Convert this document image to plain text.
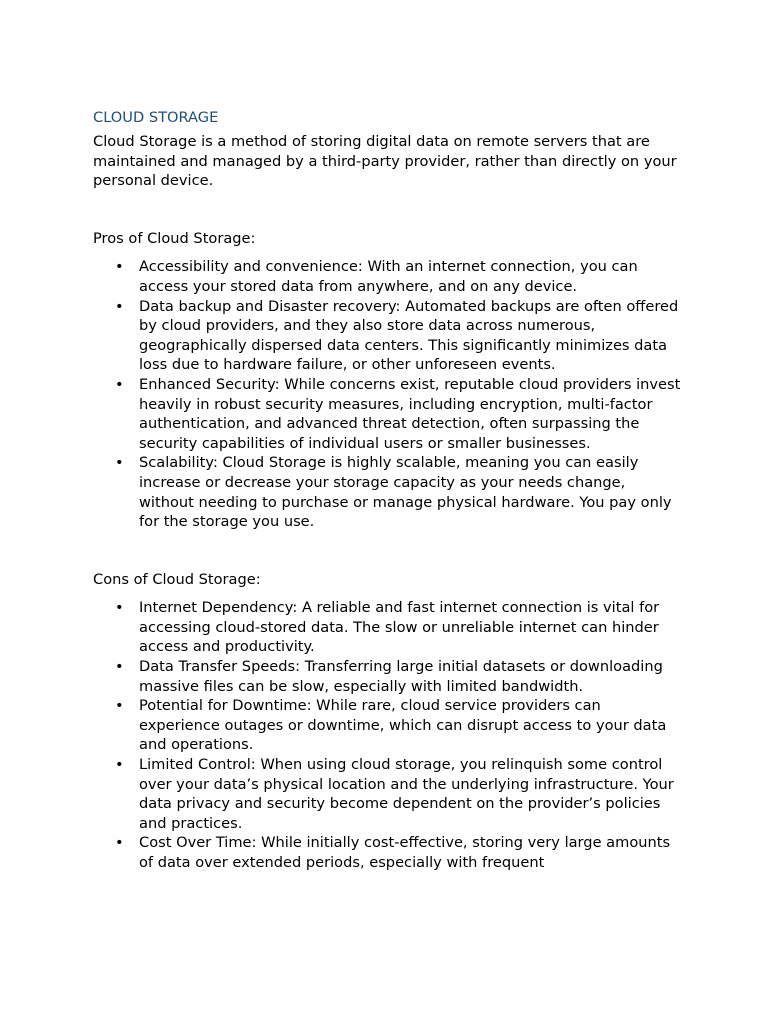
CLOUD STORAGE

Cloud Storage is a method of storing digital data on remote servers that are maintained and managed by a third-party provider, rather than directly on your personal device.

Pros of Cloud Storage:

• Accessibility and convenience: With an internet connection, you can access your stored data from anywhere, and on any device.
• Data backup and Disaster recovery: Automated backups are often offered by cloud providers, and they also store data across numerous, geographically dispersed data centers. This significantly minimizes data loss due to hardware failure, or other unforeseen events.
• Enhanced Security: While concerns exist, reputable cloud providers invest heavily in robust security measures, including encryption, multi-factor authentication, and advanced threat detection, often surpassing the security capabilities of individual users or smaller businesses.
• Scalability: Cloud Storage is highly scalable, meaning you can easily increase or decrease your storage capacity as your needs change, without needing to purchase or manage physical hardware. You pay only for the storage you use.

Cons of Cloud Storage:

• Internet Dependency: A reliable and fast internet connection is vital for accessing cloud-stored data. The slow or unreliable internet can hinder access and productivity.
• Data Transfer Speeds: Transferring large initial datasets or downloading massive files can be slow, especially with limited bandwidth.
• Potential for Downtime: While rare, cloud service providers can experience outages or downtime, which can disrupt access to your data and operations.
• Limited Control: When using cloud storage, you relinquish some control over your data’s physical location and the underlying infrastructure. Your data privacy and security become dependent on the provider’s policies and practices.
• Cost Over Time: While initially cost-effective, storing very large amounts of data over extended periods, especially with frequent
